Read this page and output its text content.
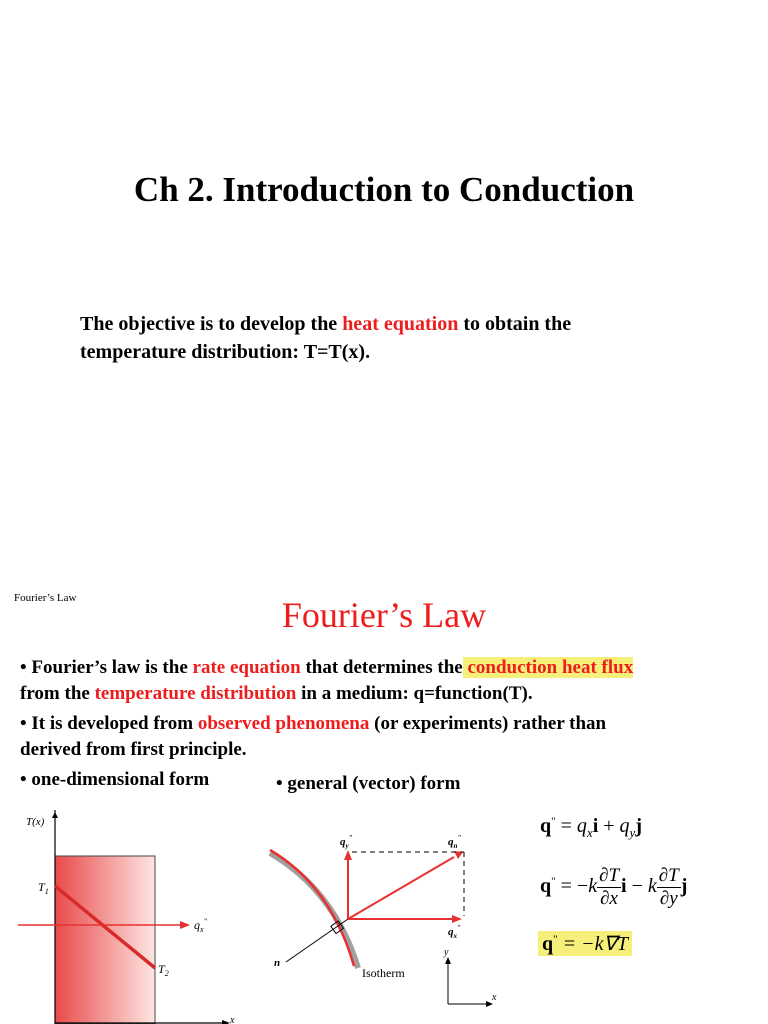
Ch 2. Introduction to Conduction
The objective is to develop the heat equation to obtain the
temperature distribution: T=T(x).
Fourier’s Law	Fourier’s Law
• Fourier’s law is the rate equation that determines the conduction heat flux
from the temperature distribution in a medium: q=function(T).
• It is developed from observed phenomena (or experiments) rather than
derived from first principle.
• one-dimensional form	• general (vector) form
T(x)
$q_x^"$
$T_1$
$T_2$
x
$q_y^"$	$q_n^"$
$q_x^"$
n
Isotherm
y
x
$q^" = q_xi + q_yj$
$q^" = -k \frac{\partial T}{\partial x}$ i − k $\frac{\partial T}{\partial y}$ j
q" = −k∇T
